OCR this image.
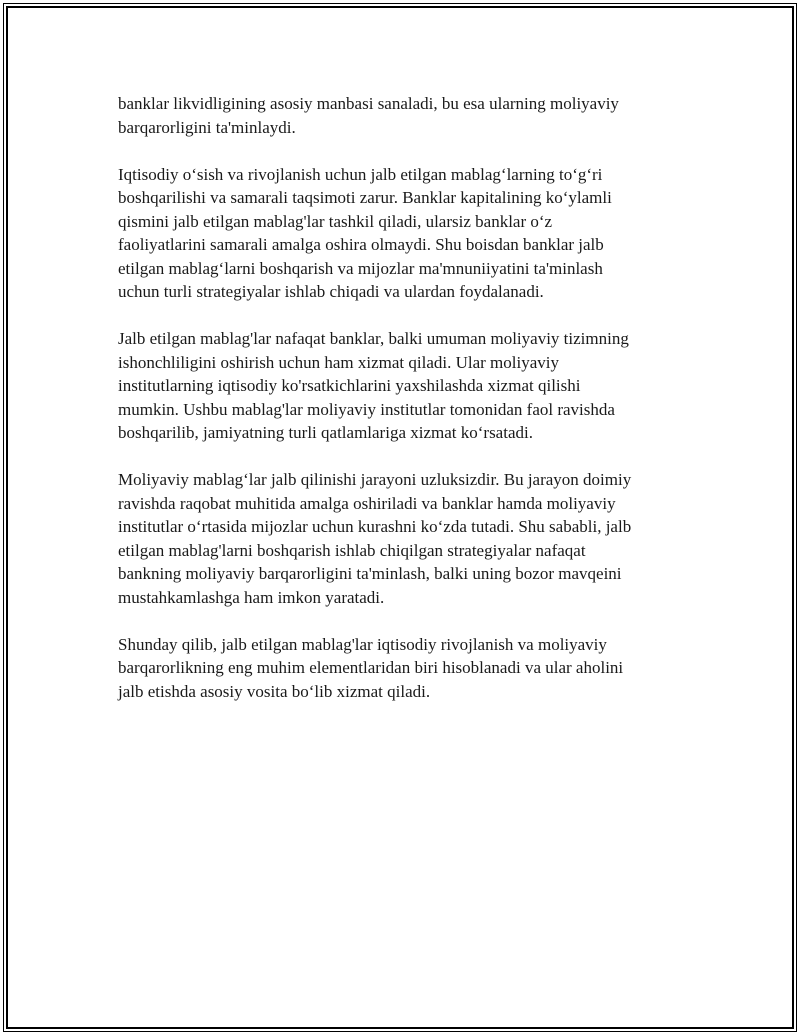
banklar likvidligining asosiy manbasi sanaladi, bu esa ularning moliyaviy
barqarorligini ta'minlaydi.

Iqtisodiy o‘sish va rivojlanish uchun jalb etilgan mablag‘larning to‘g‘ri
boshqarilishi va samarali taqsimoti zarur. Banklar kapitalining ko‘ylamli
qismini jalb etilgan mablag'lar tashkil qiladi, ularsiz banklar o‘z
faoliyatlarini samarali amalga oshira olmaydi. Shu boisdan banklar jalb
etilgan mablag‘larni boshqarish va mijozlar ma'mnuniiyatini ta'minlash
uchun turli strategiyalar ishlab chiqadi va ulardan foydalanadi.

Jalb etilgan mablag'lar nafaqat banklar, balki umuman moliyaviy tizimning
ishonchliligini oshirish uchun ham xizmat qiladi. Ular moliyaviy
institutlarning iqtisodiy ko'rsatkichlarini yaxshilashda xizmat qilishi
mumkin. Ushbu mablag'lar moliyaviy institutlar tomonidan faol ravishda
boshqarilib, jamiyatning turli qatlamlariga xizmat ko‘rsatadi.

Moliyaviy mablag‘lar jalb qilinishi jarayoni uzluksizdir. Bu jarayon doimiy
ravishda raqobat muhitida amalga oshiriladi va banklar hamda moliyaviy
institutlar o‘rtasida mijozlar uchun kurashni ko‘zda tutadi. Shu sababli, jalb
etilgan mablag'larni boshqarish ishlab chiqilgan strategiyalar nafaqat
bankning moliyaviy barqarorligini ta'minlash, balki uning bozor mavqeini
mustahkamlashga ham imkon yaratadi.

Shunday qilib, jalb etilgan mablag'lar iqtisodiy rivojlanish va moliyaviy
barqarorlikning eng muhim elementlaridan biri hisoblanadi va ular aholini
jalb etishda asosiy vosita bo‘lib xizmat qiladi.
